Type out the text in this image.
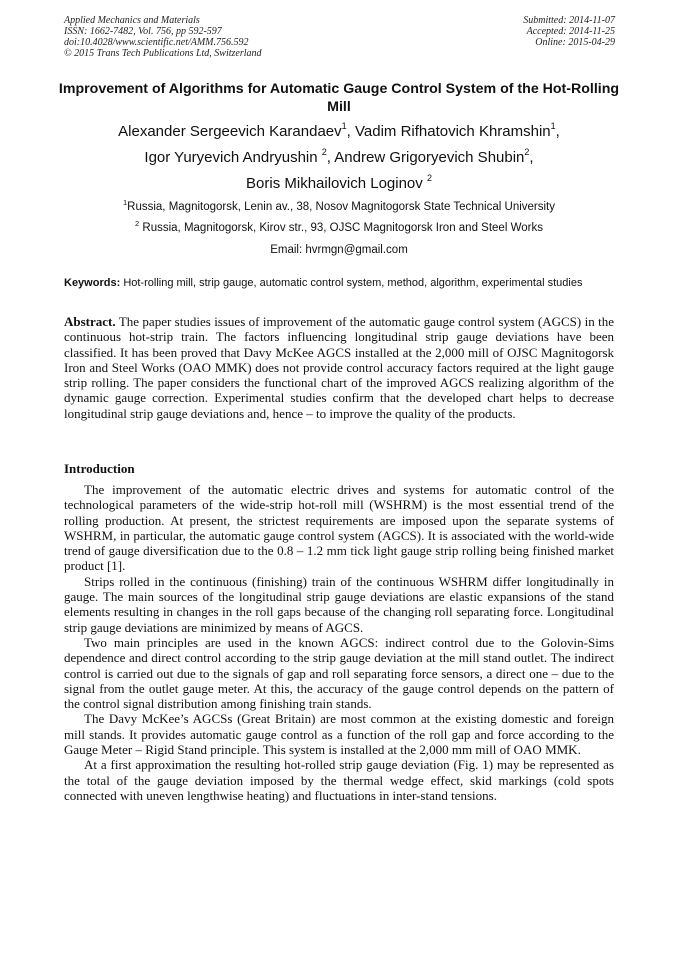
Applied Mechanics and Materials
ISSN: 1662-7482, Vol. 756, pp 592-597
doi:10.4028/www.scientific.net/AMM.756.592
© 2015 Trans Tech Publications Ltd, Switzerland
Submitted: 2014-11-07
Accepted: 2014-11-25
Online: 2015-04-29
Improvement of Algorithms for Automatic Gauge Control System of the Hot-Rolling Mill
Alexander Sergeevich Karandaev$^1$, Vadim Rifhatovich Khramshin$^1$,
Igor Yuryevich Andryushin $^2$, Andrew Grigoryevich Shubin$^2$,
Boris Mikhailovich Loginov $^2$
$^1$Russia, Magnitogorsk, Lenin av., 38, Nosov Magnitogorsk State Technical University
$^2$ Russia, Magnitogorsk, Kirov str., 93, OJSC Magnitogorsk Iron and Steel Works
Email: hvrmgn@gmail.com
Keywords: Hot-rolling mill, strip gauge, automatic control system, method, algorithm, experimental studies
Abstract. The paper studies issues of improvement of the automatic gauge control system (AGCS) in the continuous hot-strip train. The factors influencing longitudinal strip gauge deviations have been classified. It has been proved that Davy McKee AGCS installed at the 2,000 mill of OJSC Magnitogorsk Iron and Steel Works (OAO MMK) does not provide control accuracy factors required at the light gauge strip rolling. The paper considers the functional chart of the improved AGCS realizing algorithm of the dynamic gauge correction. Experimental studies confirm that the developed chart helps to decrease longitudinal strip gauge deviations and, hence – to improve the quality of the products.
Introduction

The improvement of the automatic electric drives and systems for automatic control of the technological parameters of the wide-strip hot-roll mill (WSHRM) is the most essential trend of the rolling production. At present, the strictest requirements are imposed upon the separate systems of WSHRM, in particular, the automatic gauge control system (AGCS). It is associated with the world-wide trend of gauge diversification due to the 0.8 – 1.2 mm tick light gauge strip rolling being finished market product [1].

Strips rolled in the continuous (finishing) train of the continuous WSHRM differ longitudinally in gauge. The main sources of the longitudinal strip gauge deviations are elastic expansions of the stand elements resulting in changes in the roll gaps because of the changing roll separating force. Longitudinal strip gauge deviations are minimized by means of AGCS.

Two main principles are used in the known AGCS: indirect control due to the Golovin-Sims dependence and direct control according to the strip gauge deviation at the mill stand outlet. The indirect control is carried out due to the signals of gap and roll separating force sensors, a direct one – due to the signal from the outlet gauge meter. At this, the accuracy of the gauge control depends on the pattern of the control signal distribution among finishing train stands.

The Davy McKee’s AGCSs (Great Britain) are most common at the existing domestic and foreign mill stands. It provides automatic gauge control as a function of the roll gap and force according to the Gauge Meter – Rigid Stand principle. This system is installed at the 2,000 mm mill of OAO MMK.

At a first approximation the resulting hot-rolled strip gauge deviation (Fig. 1) may be represented as the total of the gauge deviation imposed by the thermal wedge effect, skid markings (cold spots connected with uneven lengthwise heating) and fluctuations in inter-stand tensions.
